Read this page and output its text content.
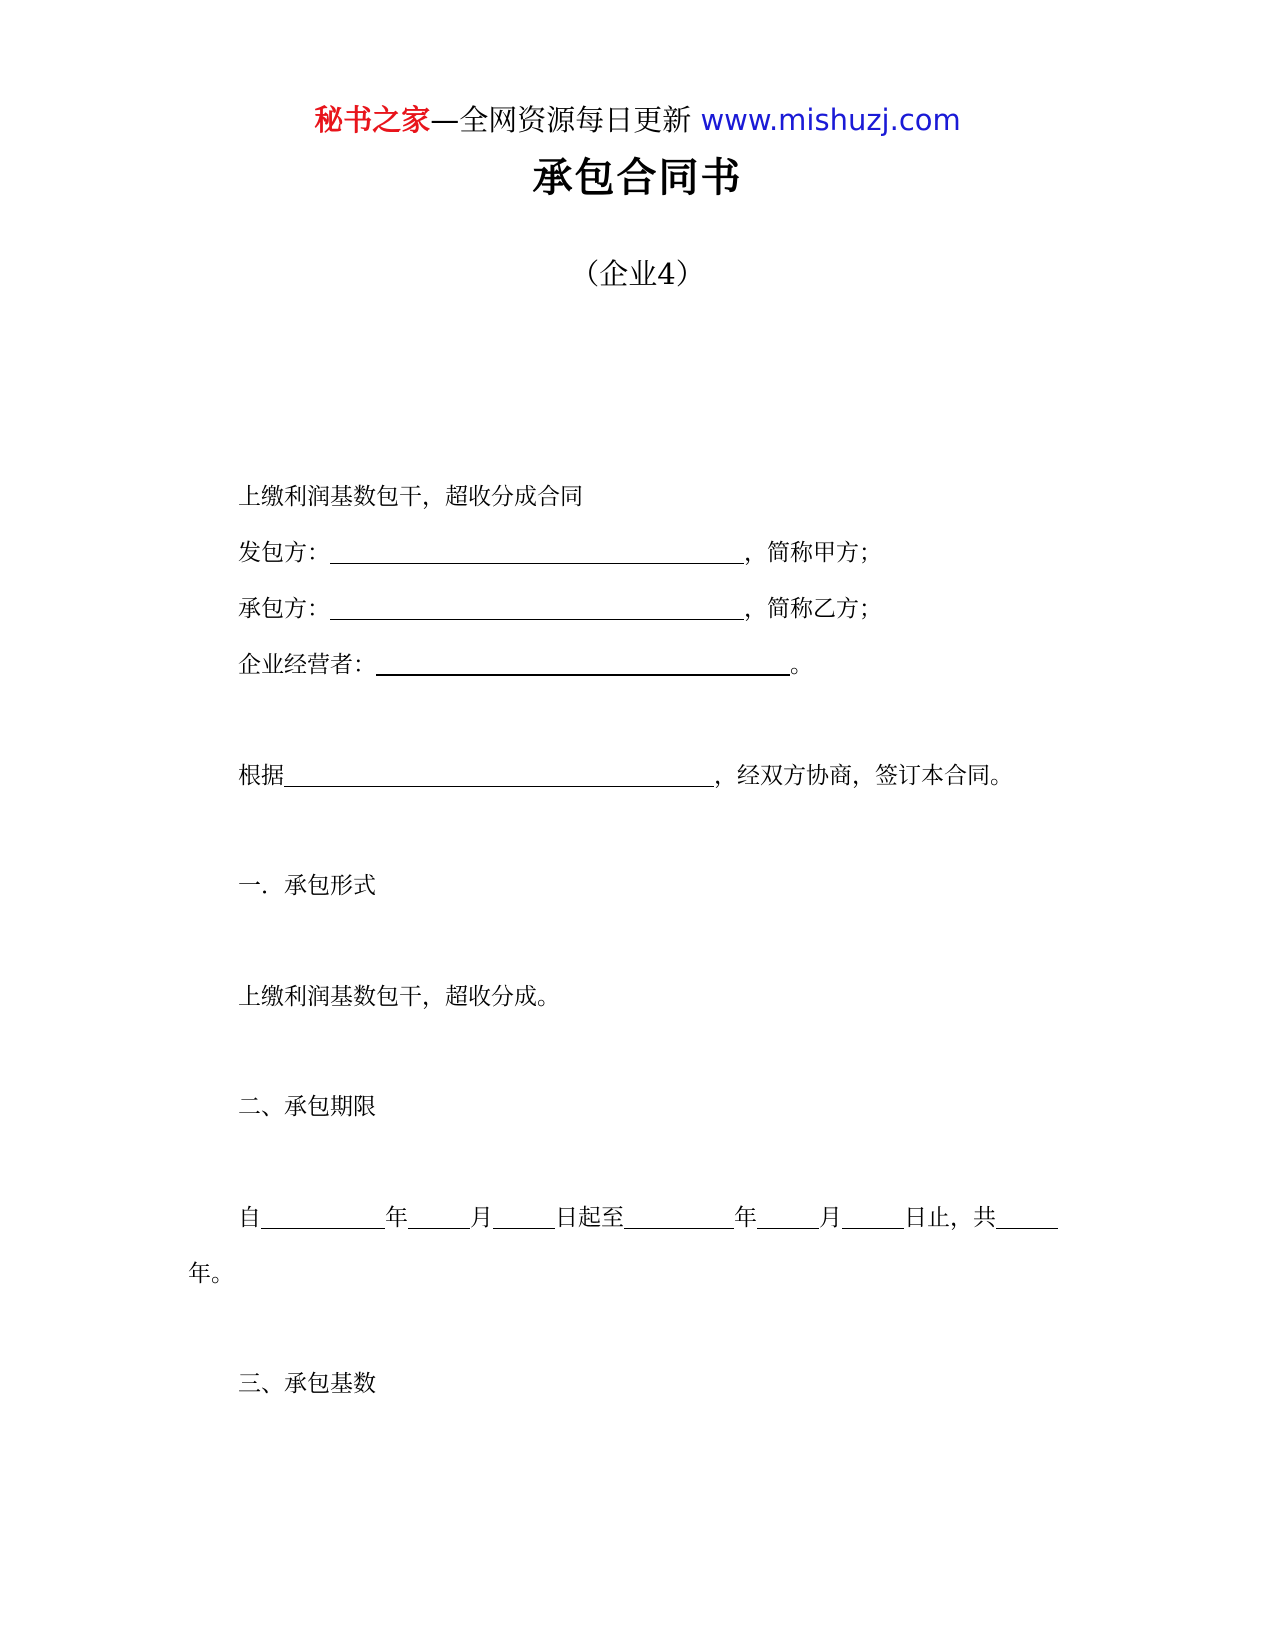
秘书之家—全网资源每日更新 www.mishuzj.com
承包合同书
（企业4）
上缴利润基数包干，超收分成合同
发包方：	，简称甲方；
承包方：	，简称乙方；
企业经营者：	。
根据	，经双方协商，签订本合同。
一．承包形式
上缴利润基数包干，超收分成。
二、承包期限
自	年	月	日起至	年	月	日止，共
年。
三、承包基数
